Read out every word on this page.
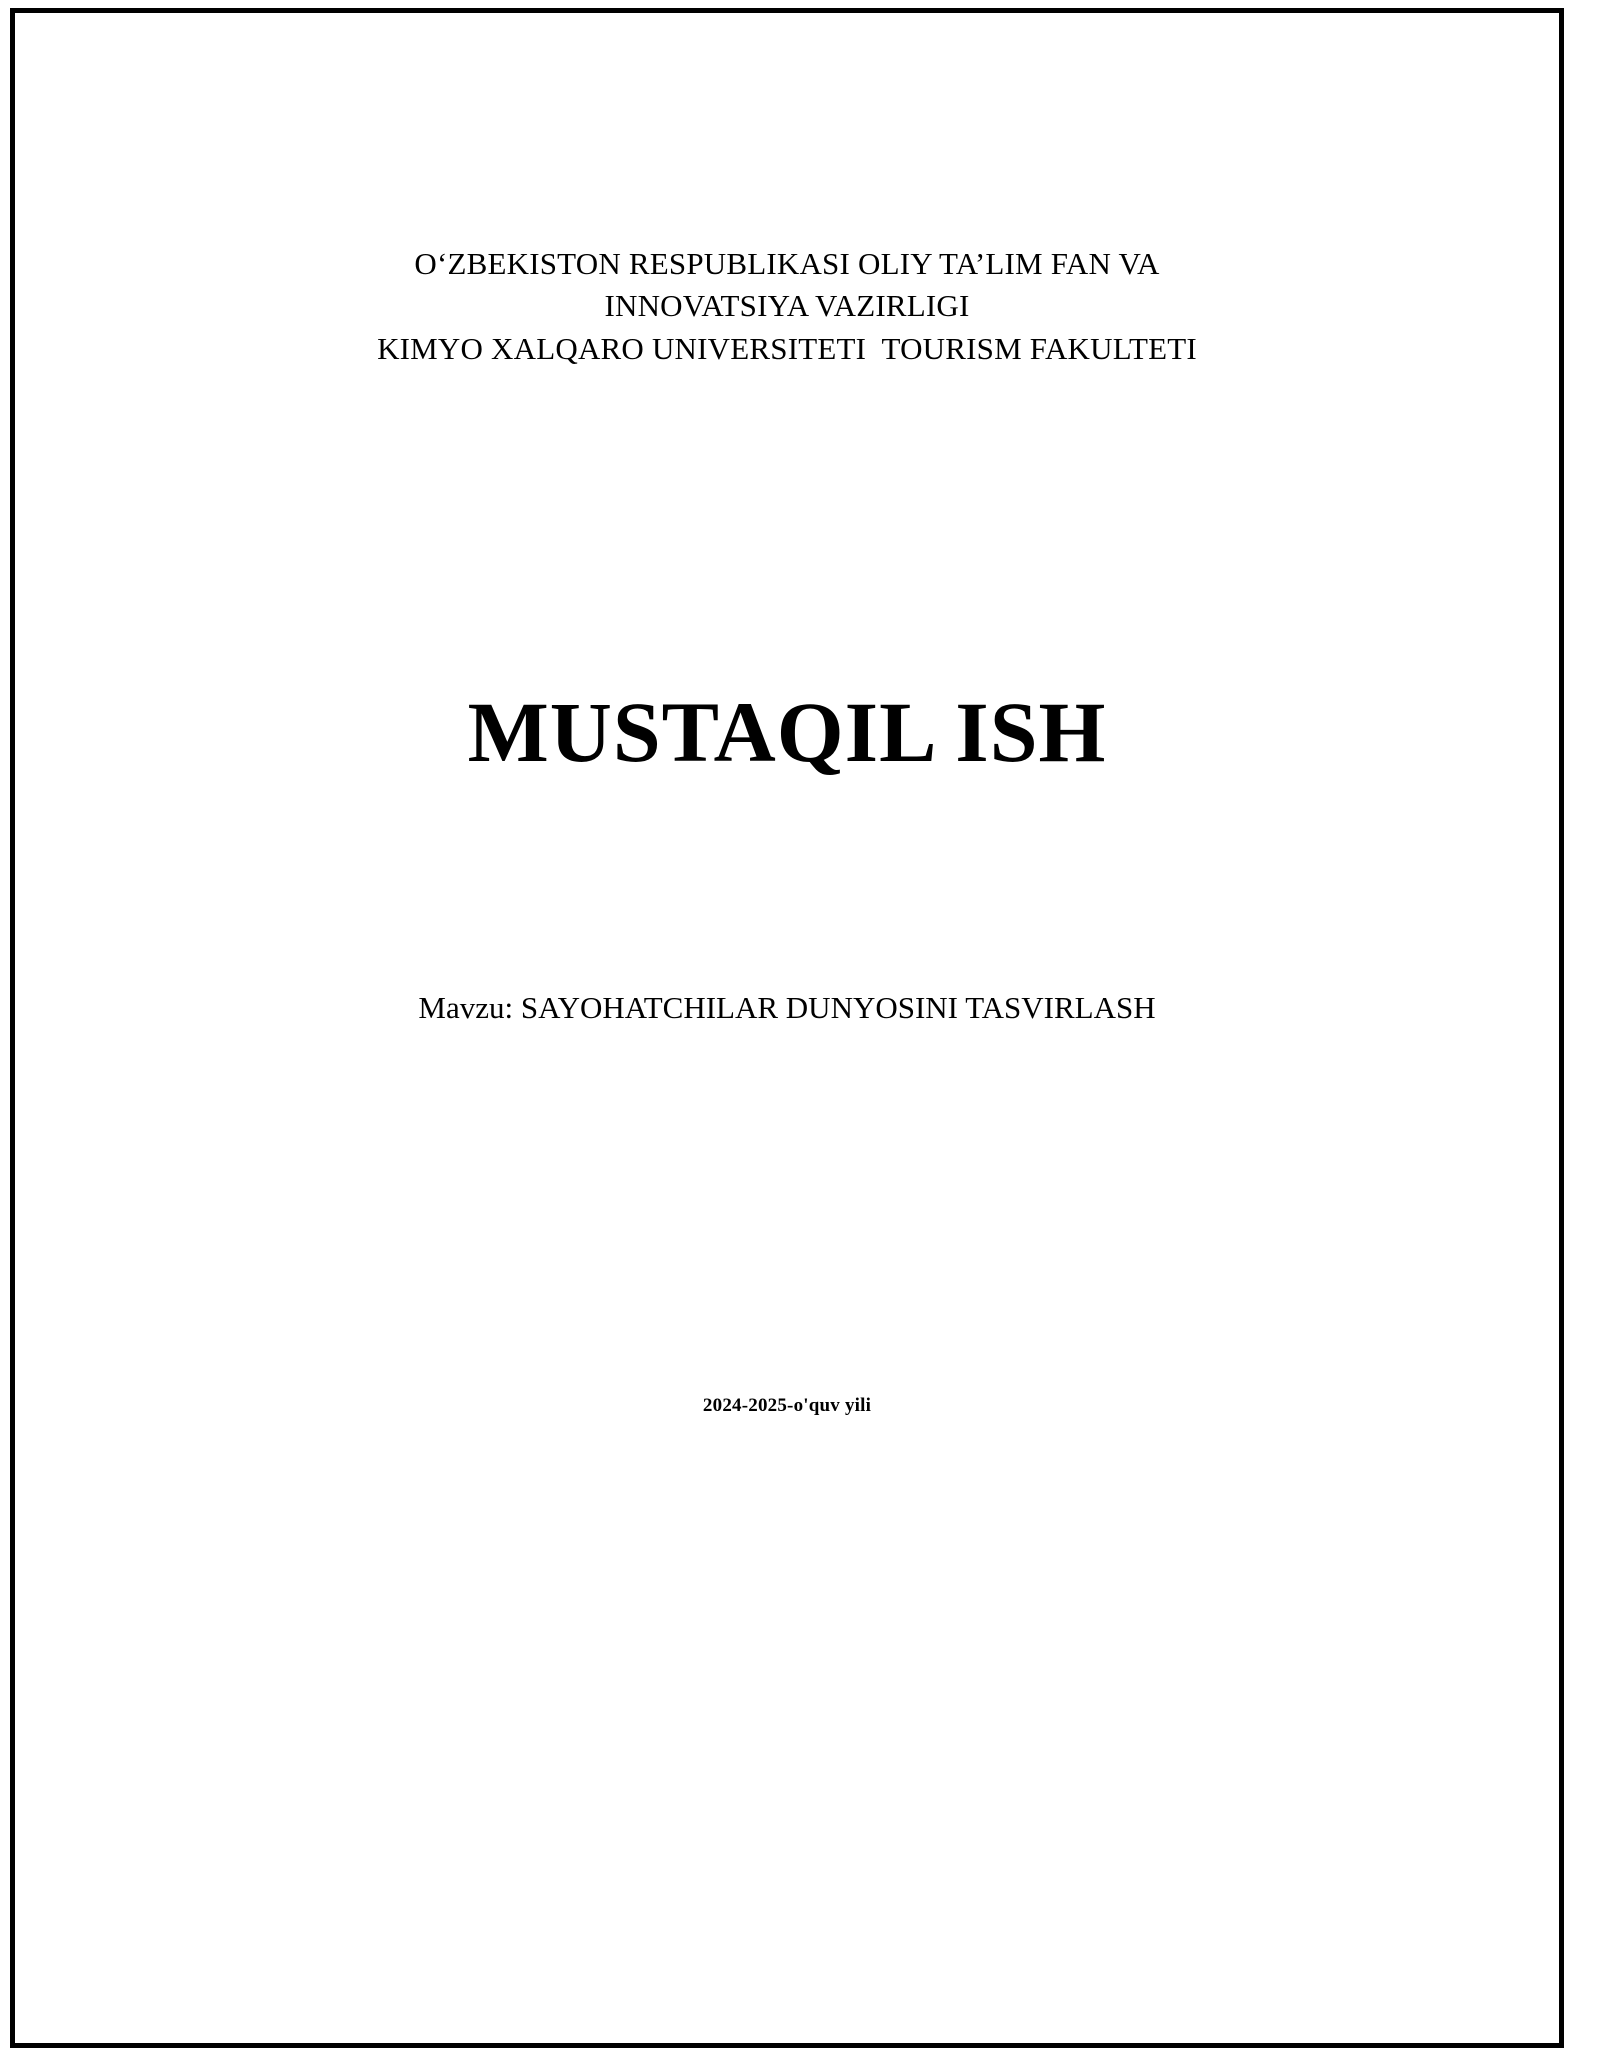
O‘ZBEKISTON RESPUBLIKASI OLIY TA’LIM FAN VA
INNOVATSIYA VAZIRLIGI
KIMYO XALQARO UNIVERSITETI  TOURISM FAKULTETI
MUSTAQIL ISH
Mavzu: SAYOHATCHILAR DUNYOSINI TASVIRLASH
2024-2025-o'quv yili
